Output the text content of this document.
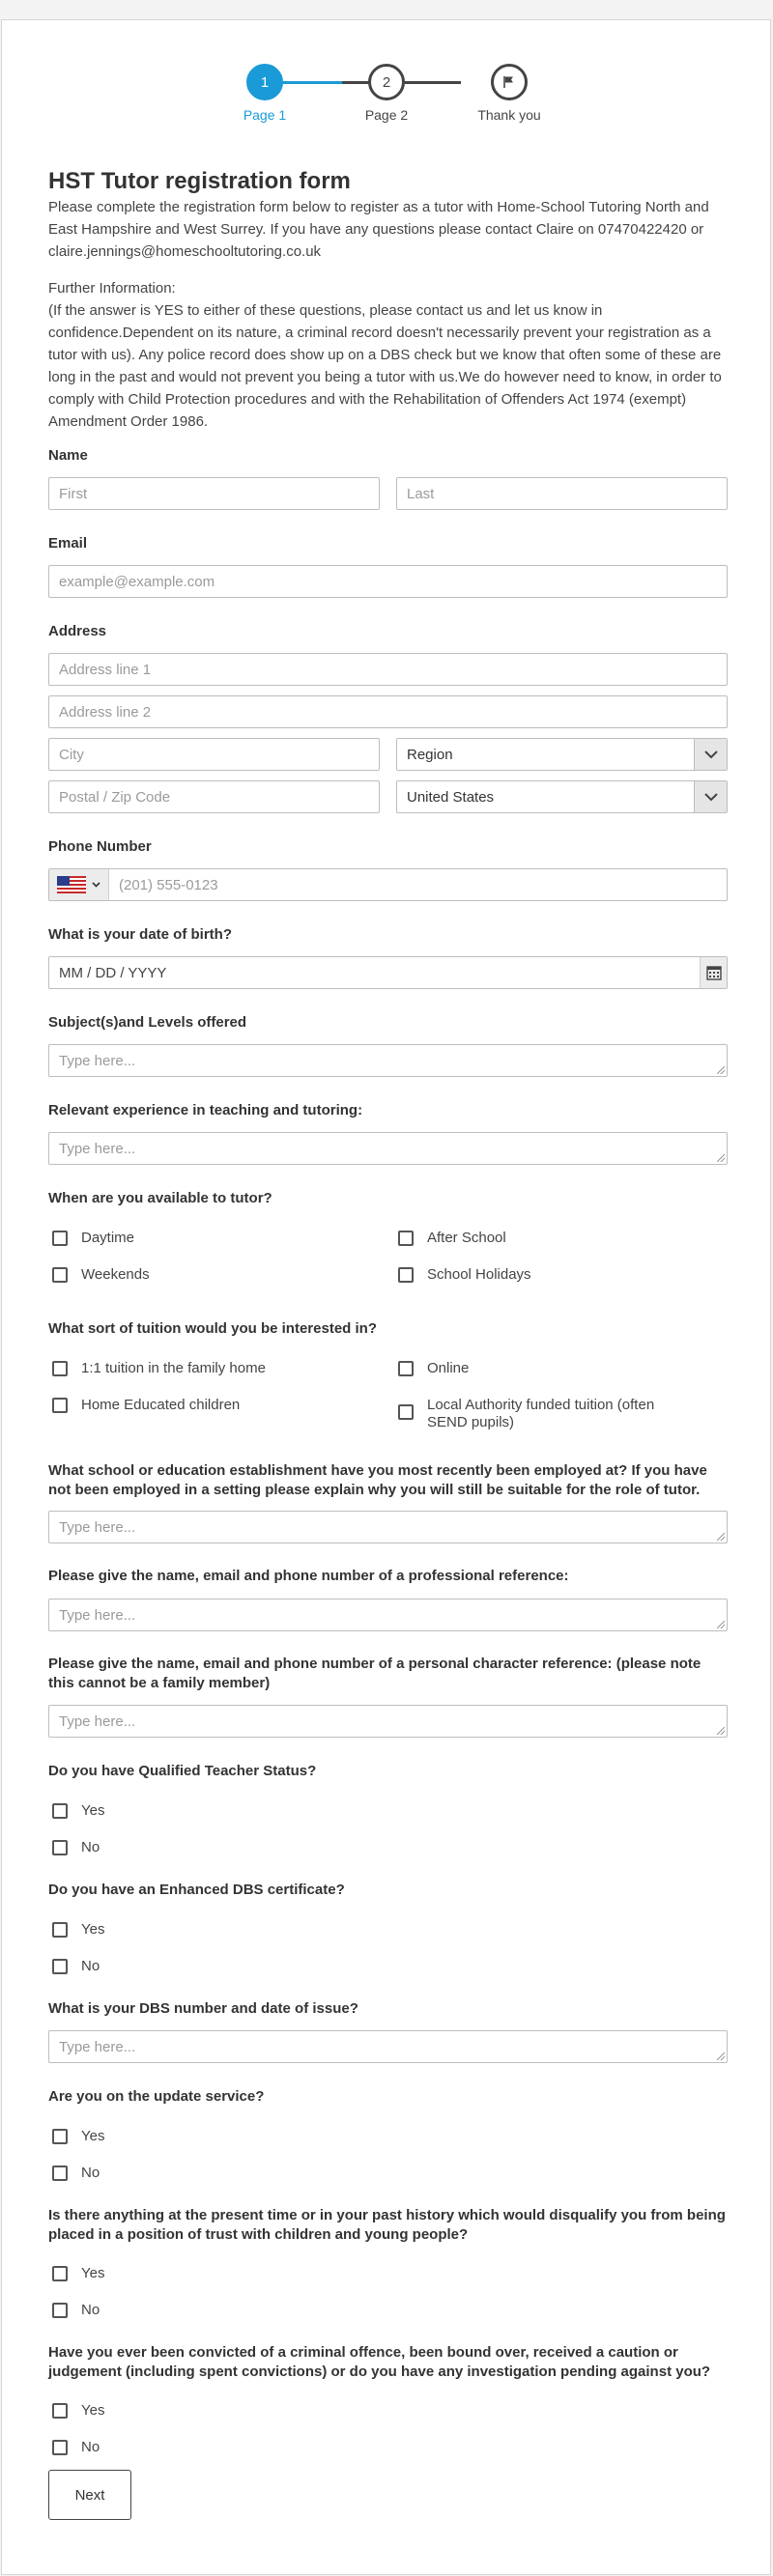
1
Page 1
2
Page 2	Thank you
HST Tutor registration form
Please complete the registration form below to register as a tutor with Home-School Tutoring North and East Hampshire and West Surrey. If you have any questions please contact Claire on 07470422420 or claire.jennings@homeschooltutoring.co.uk
Further Information:
(If the answer is YES to either of these questions, please contact us and let us know in confidence.Dependent on its nature, a criminal record doesn't necessarily prevent your registration as a tutor with us). Any police record does show up on a DBS check but we know that often some of these are long in the past and would not prevent you being a tutor with us.We do however need to know, in order to comply with Child Protection procedures and with the Rehabilitation of Offenders Act 1974 (exempt) Amendment Order 1986.
Name
First	Last
Email
example@example.com
Address
Address line 1
Address line 2
City	Region
Postal / Zip Code	United States
Phone Number
(201) 555-0123
What is your date of birth?
MM / DD / YYYY
Subject(s)and Levels offered
Type here...
Relevant experience in teaching and tutoring:
Type here...
When are you available to tutor?
Daytime	After School
Weekends	School Holidays
What sort of tuition would you be interested in?
1:1 tuition in the family home	Online
Home Educated children	Local Authority funded tuition (often SEND pupils)
What school or education establishment have you most recently been employed at? If you have not been employed in a setting please explain why you will still be suitable for the role of tutor.
Type here...
Please give the name, email and phone number of a professional reference:
Type here...
Please give the name, email and phone number of a personal character reference: (please note this cannot be a family member)
Type here...
Do you have Qualified Teacher Status?
Yes
No
Do you have an Enhanced DBS certificate?
Yes
No
What is your DBS number and date of issue?
Type here...
Are you on the update service?
Yes
No
Is there anything at the present time or in your past history which would disqualify you from being placed in a position of trust with children and young people?
Yes
No
Have you ever been convicted of a criminal offence, been bound over, received a caution or judgement (including spent convictions) or do you have any investigation pending against you?
Yes
No
Next
